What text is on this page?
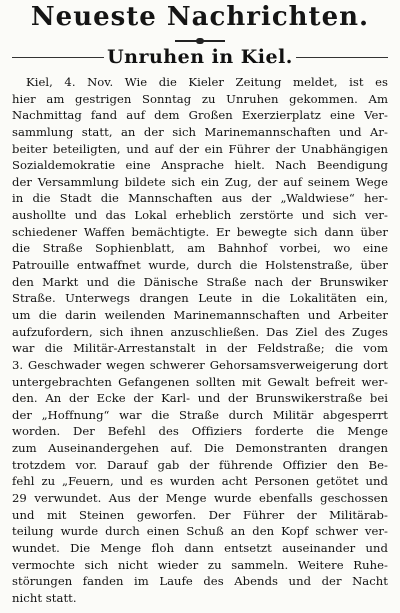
Neueste Nachrichten.
Unruhen in Kiel.
Kiel, 4. Nov. Wie die Kieler Zeitung meldet, ist es
hier am gestrigen Sonntag zu Unruhen gekommen. Am
Nachmittag fand auf dem Großen Exerzierplatz eine Ver-
sammlung statt, an der sich Marinemannschaften und Ar-
beiter beteiligten, und auf der ein Führer der Unabhängigen
Sozialdemokratie eine Ansprache hielt. Nach Beendigung
der Versammlung bildete sich ein Zug, der auf seinem Wege
in die Stadt die Mannschaften aus der „Waldwiese“ her-
aushollte und das Lokal erheblich zerstörte und sich ver-
schiedener Waffen bemächtigte. Er bewegte sich dann über
die Straße Sophienblatt, am Bahnhof vorbei, wo eine
Patrouille entwaffnet wurde, durch die Holstenstraße, über
den Markt und die Dänische Straße nach der Brunswiker
Straße. Unterwegs drangen Leute in die Lokalitäten ein,
um die darin weilenden Marinemannschaften und Arbeiter
aufzufordern, sich ihnen anzuschließen. Das Ziel des Zuges
war die Militär-Arrestanstalt in der Feldstraße; die vom
3. Geschwader wegen schwerer Gehorsamsverweigerung dort
untergebrachten Gefangenen sollten mit Gewalt befreit wer-
den. An der Ecke der Karl- und der Brunswikerstraße bei
der „Hoffnung“ war die Straße durch Militär abgesperrt
worden. Der Befehl des Offiziers forderte die Menge
zum Auseinandergehen auf. Die Demonstranten drangen
trotzdem vor. Darauf gab der führende Offizier den Be-
fehl zu „Feuern, und es wurden acht Personen getötet und
29 verwundet. Aus der Menge wurde ebenfalls geschossen
und mit Steinen geworfen. Der Führer der Militärab-
teilung wurde durch einen Schuß an den Kopf schwer ver-
wundet. Die Menge floh dann entsetzt auseinander und
vermochte sich nicht wieder zu sammeln. Weitere Ruhe-
störungen fanden im Laufe des Abends und der Nacht
nicht statt.
